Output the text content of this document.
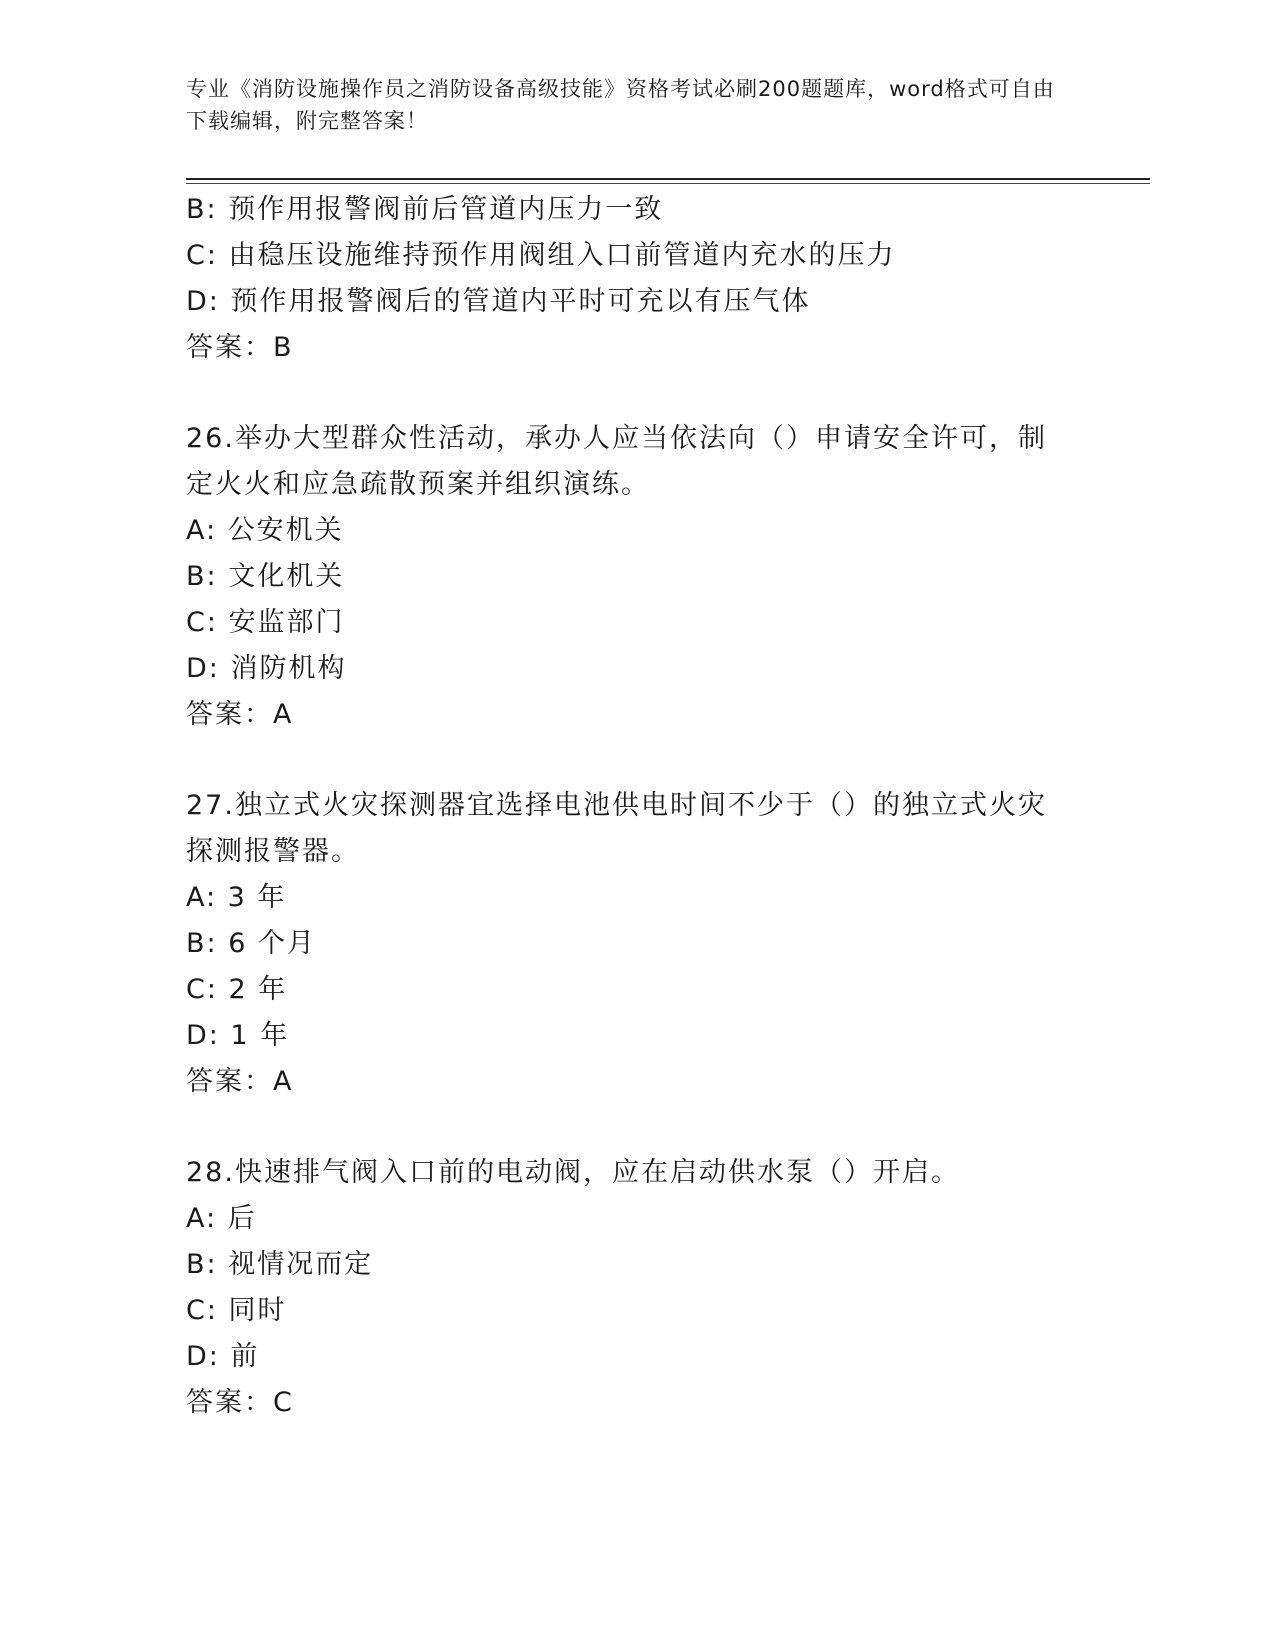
专业《消防设施操作员之消防设备高级技能》资格考试必刷200题题库，word格式可自由下载编辑，附完整答案！
B: 预作用报警阀前后管道内压力一致
C: 由稳压设施维持预作用阀组入口前管道内充水的压力
D: 预作用报警阀后的管道内平时可充以有压气体
答案：B
26.举办大型群众性活动，承办人应当依法向（）申请安全许可，制定火火和应急疏散预案并组织演练。
A: 公安机关
B: 文化机关
C: 安监部门
D: 消防机构
答案：A
27.独立式火灾探测器宜选择电池供电时间不少于（）的独立式火灾探测报警器。
A: 3 年
B: 6 个月
C: 2 年
D: 1 年
答案：A
28.快速排气阀入口前的电动阀，应在启动供水泵（）开启。
A: 后
B: 视情况而定
C: 同时
D: 前
答案：C
